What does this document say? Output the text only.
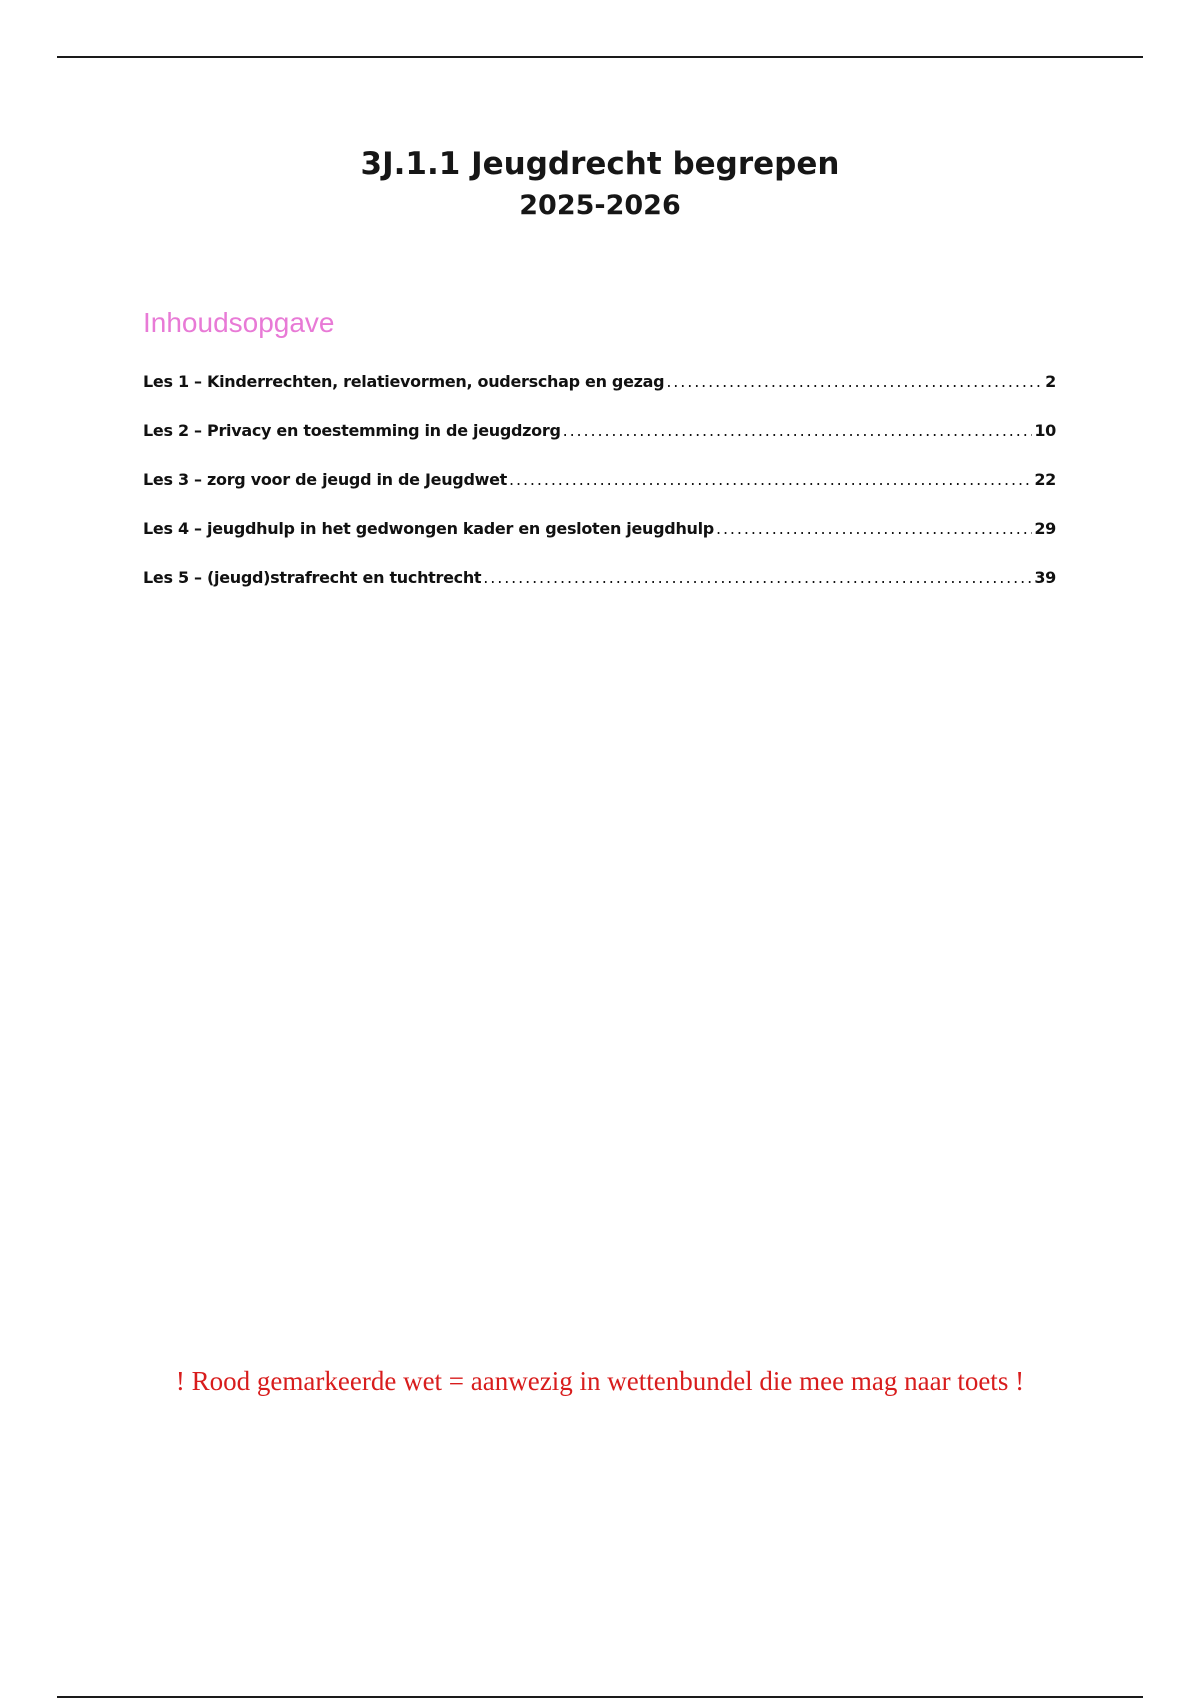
3J.1.1 Jeugdrecht begrepen
2025-2026
Inhoudsopgave
Les 1 – Kinderrechten, relatievormen, ouderschap en gezag . . .	2
Les 2 – Privacy en toestemming in de jeugdzorg . . .	10
Les 3 – zorg voor de jeugd in de Jeugdwet . . .	22
Les 4 – jeugdhulp in het gedwongen kader en gesloten jeugdhulp . . .	29
Les 5 – (jeugd)strafrecht en tuchtrecht . . .	39
! Rood gemarkeerde wet = aanwezig in wettenbundel die mee mag naar toets !
